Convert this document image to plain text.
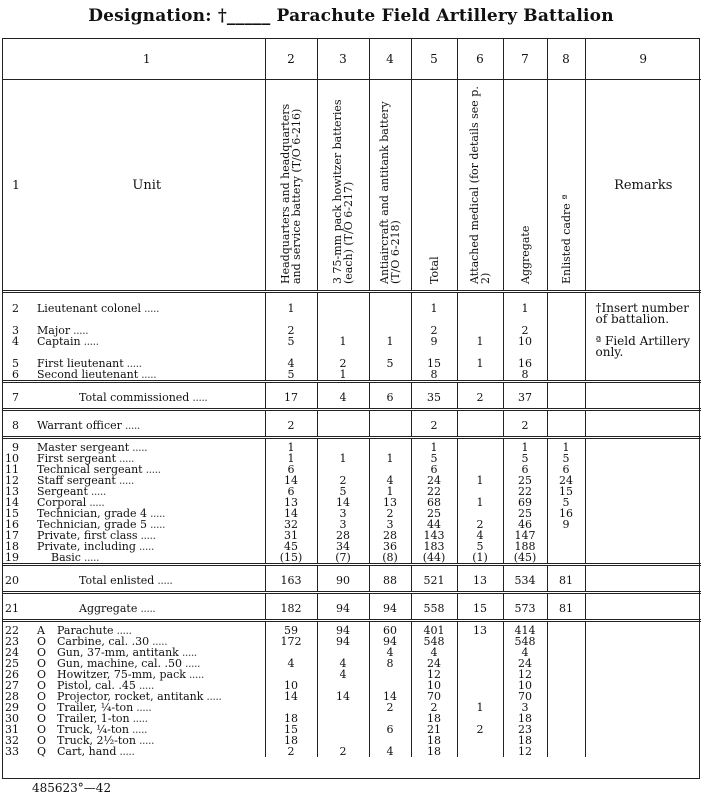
Designation: †_____ Parachute Field Artillery Battalion
	1	2	3	4	5	6	7	8	9
1	Unit	Headquarters and headquarters and service battery (T/O 6-216)	3 75-mm pack howitzer batteries (each) (T/O 6-217)	Antiaircraft and antitank battery (T/O 6-218)	Total	Attached medical (for details see p. 2)	Aggregate	Enlisted cadre ª	Remarks
2	Lieutenant colonel .....	1			1		1		†Insert number of battalion.

3	Major .....	2			2		2		
4	Captain .....	5	1	1	9	1	10		ª Field Artillery only.

5	First lieutenant .....	4	2	5	15	1	16		
6	Second lieutenant .....	5	1		8		8		
7	Total commissioned .....	17	4	6	35	2	37		
8	Warrant officer .....	2			2		2		
9	Master sergeant .....	1			1		1	1	
10	First sergeant .....	1	1	1	5		5	5	
11	Technical sergeant .....	6			6		6	6	
12	Staff sergeant .....	14	2	4	24	1	25	24	
13	Sergeant .....	6	5	1	22		22	15	
14	Corporal .....	13	14	13	68	1	69	5	
15	Technician, grade 4 .....	14	3	2	25		25	16	
16	Technician, grade 5 .....	32	3	3	44	2	46	9	
17	Private, first class .....	31	28	28	143	4	147		
18	Private, including .....	45	34	36	183	5	188		
19	Basic .....	(15)	(7)	(8)	(44)	(1)	(45)		
20	Total enlisted .....	163	90	88	521	13	534	81	
21	Aggregate .....	182	94	94	558	15	573	81	
22	A Parachute .....	59	94	60	401	13	414		
23	O Carbine, cal. .30 .....	172	94	94	548		548		
24	O Gun, 37-mm, antitank .....			4	4		4		
25	O Gun, machine, cal. .50 .....	4	4	8	24		24		
26	O Howitzer, 75-mm, pack .....		4		12		12		
27	O Pistol, cal. .45 .....	10			10		10		
28	O Projector, rocket, antitank .....	14	14	14	70		70		
29	O Trailer, ¼-ton .....			2	2	1	3		
30	O Trailer, 1-ton .....	18			18		18		
31	O Truck, ¼-ton .....	15		6	21	2	23		
32	O Truck, 2½-ton .....	18			18		18		
33	Q Cart, hand .....	2	2	4	18		12		
485623°—42
